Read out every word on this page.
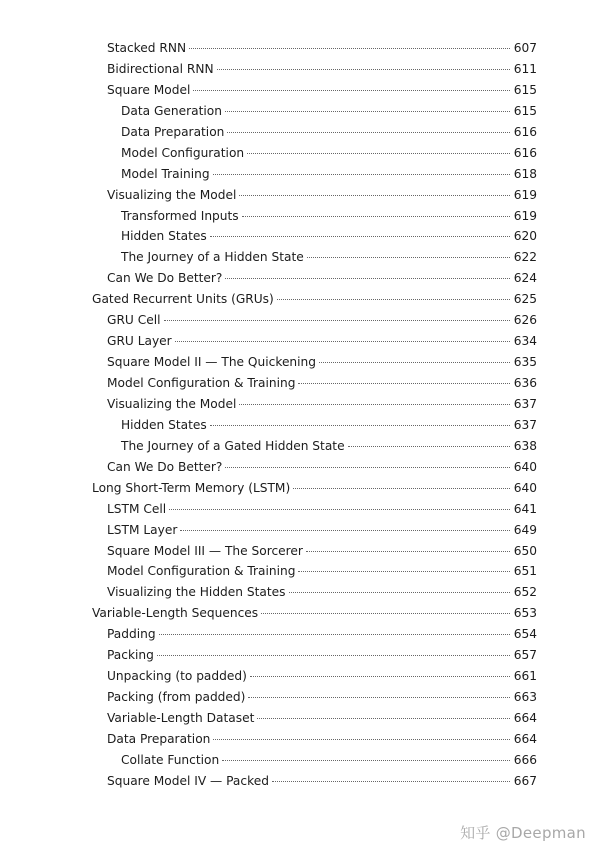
Stacked RNN	607
Bidirectional RNN	611
Square Model	615
Data Generation	615
Data Preparation	616
Model Configuration	616
Model Training	618
Visualizing the Model	619
Transformed Inputs	619
Hidden States	620
The Journey of a Hidden State	622
Can We Do Better?	624
Gated Recurrent Units (GRUs)	625
GRU Cell	626
GRU Layer	634
Square Model II — The Quickening	635
Model Configuration & Training	636
Visualizing the Model	637
Hidden States	637
The Journey of a Gated Hidden State	638
Can We Do Better?	640
Long Short-Term Memory (LSTM)	640
LSTM Cell	641
LSTM Layer	649
Square Model III — The Sorcerer	650
Model Configuration & Training	651
Visualizing the Hidden States	652
Variable-Length Sequences	653
Padding	654
Packing	657
Unpacking (to padded)	661
Packing (from padded)	663
Variable-Length Dataset	664
Data Preparation	664
Collate Function	666
Square Model IV — Packed	667
知乎 @Deepman
